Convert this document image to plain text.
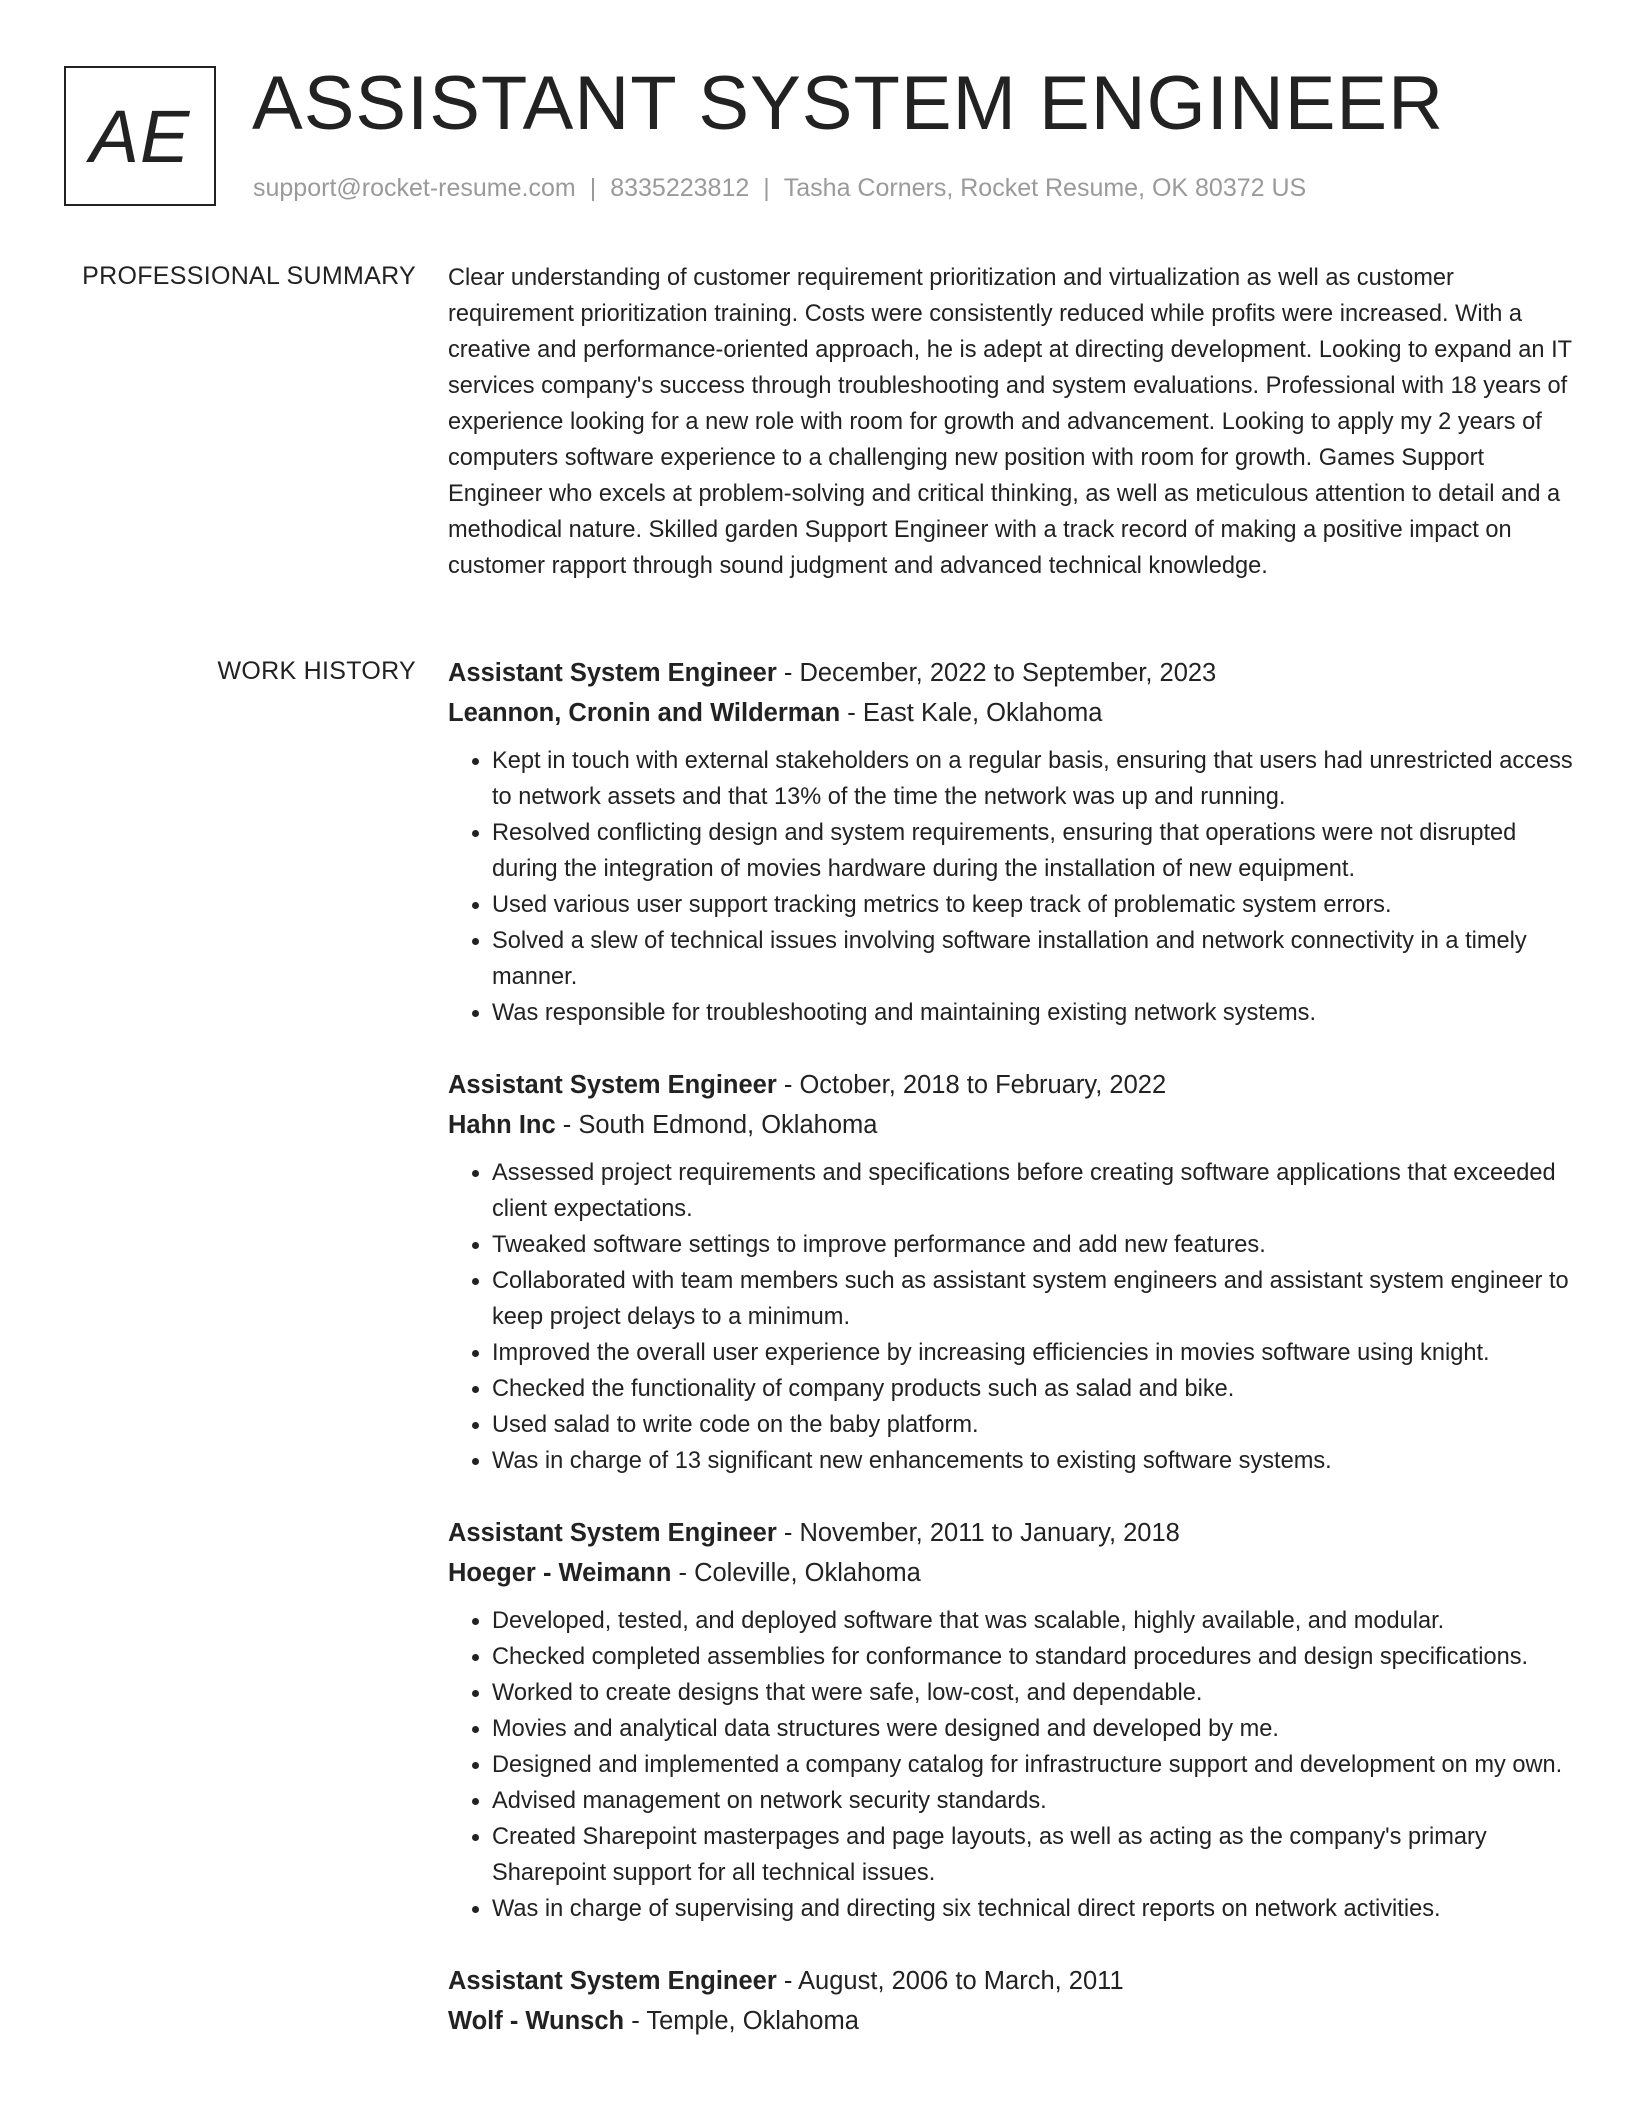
AE ASSISTANT SYSTEM ENGINEER
support@rocket-resume.com | 8335223812 | Tasha Corners, Rocket Resume, OK 80372 US
PROFESSIONAL SUMMARY Clear understanding of customer requirement prioritization and virtualization as well as customer requirement prioritization training. Costs were consistently reduced while profits were increased. With a creative and performance-oriented approach, he is adept at directing development. Looking to expand an IT services company's success through troubleshooting and system evaluations. Professional with 18 years of experience looking for a new role with room for growth and advancement. Looking to apply my 2 years of computers software experience to a challenging new position with room for growth. Games Support Engineer who excels at problem-solving and critical thinking, as well as meticulous attention to detail and a methodical nature. Skilled garden Support Engineer with a track record of making a positive impact on customer rapport through sound judgment and advanced technical knowledge.

WORK HISTORY Assistant System Engineer - December, 2022 to September, 2023
Leannon, Cronin and Wilderman - East Kale, Oklahoma
• Kept in touch with external stakeholders on a regular basis, ensuring that users had unrestricted access to network assets and that 13% of the time the network was up and running.
• Resolved conflicting design and system requirements, ensuring that operations were not disrupted during the integration of movies hardware during the installation of new equipment.
• Used various user support tracking metrics to keep track of problematic system errors.
• Solved a slew of technical issues involving software installation and network connectivity in a timely manner.
• Was responsible for troubleshooting and maintaining existing network systems.
Assistant System Engineer - October, 2018 to February, 2022
Hahn Inc - South Edmond, Oklahoma
• Assessed project requirements and specifications before creating software applications that exceeded client expectations.
• Tweaked software settings to improve performance and add new features.
• Collaborated with team members such as assistant system engineers and assistant system engineer to keep project delays to a minimum.
• Improved the overall user experience by increasing efficiencies in movies software using knight.
• Checked the functionality of company products such as salad and bike.
• Used salad to write code on the baby platform.
• Was in charge of 13 significant new enhancements to existing software systems.
Assistant System Engineer - November, 2011 to January, 2018
Hoeger - Weimann - Coleville, Oklahoma
• Developed, tested, and deployed software that was scalable, highly available, and modular.
• Checked completed assemblies for conformance to standard procedures and design specifications.
• Worked to create designs that were safe, low-cost, and dependable.
• Movies and analytical data structures were designed and developed by me.
• Designed and implemented a company catalog for infrastructure support and development on my own.
• Advised management on network security standards.
• Created Sharepoint masterpages and page layouts, as well as acting as the company's primary Sharepoint support for all technical issues.
• Was in charge of supervising and directing six technical direct reports on network activities.
Assistant System Engineer - August, 2006 to March, 2011
Wolf - Wunsch - Temple, Oklahoma
